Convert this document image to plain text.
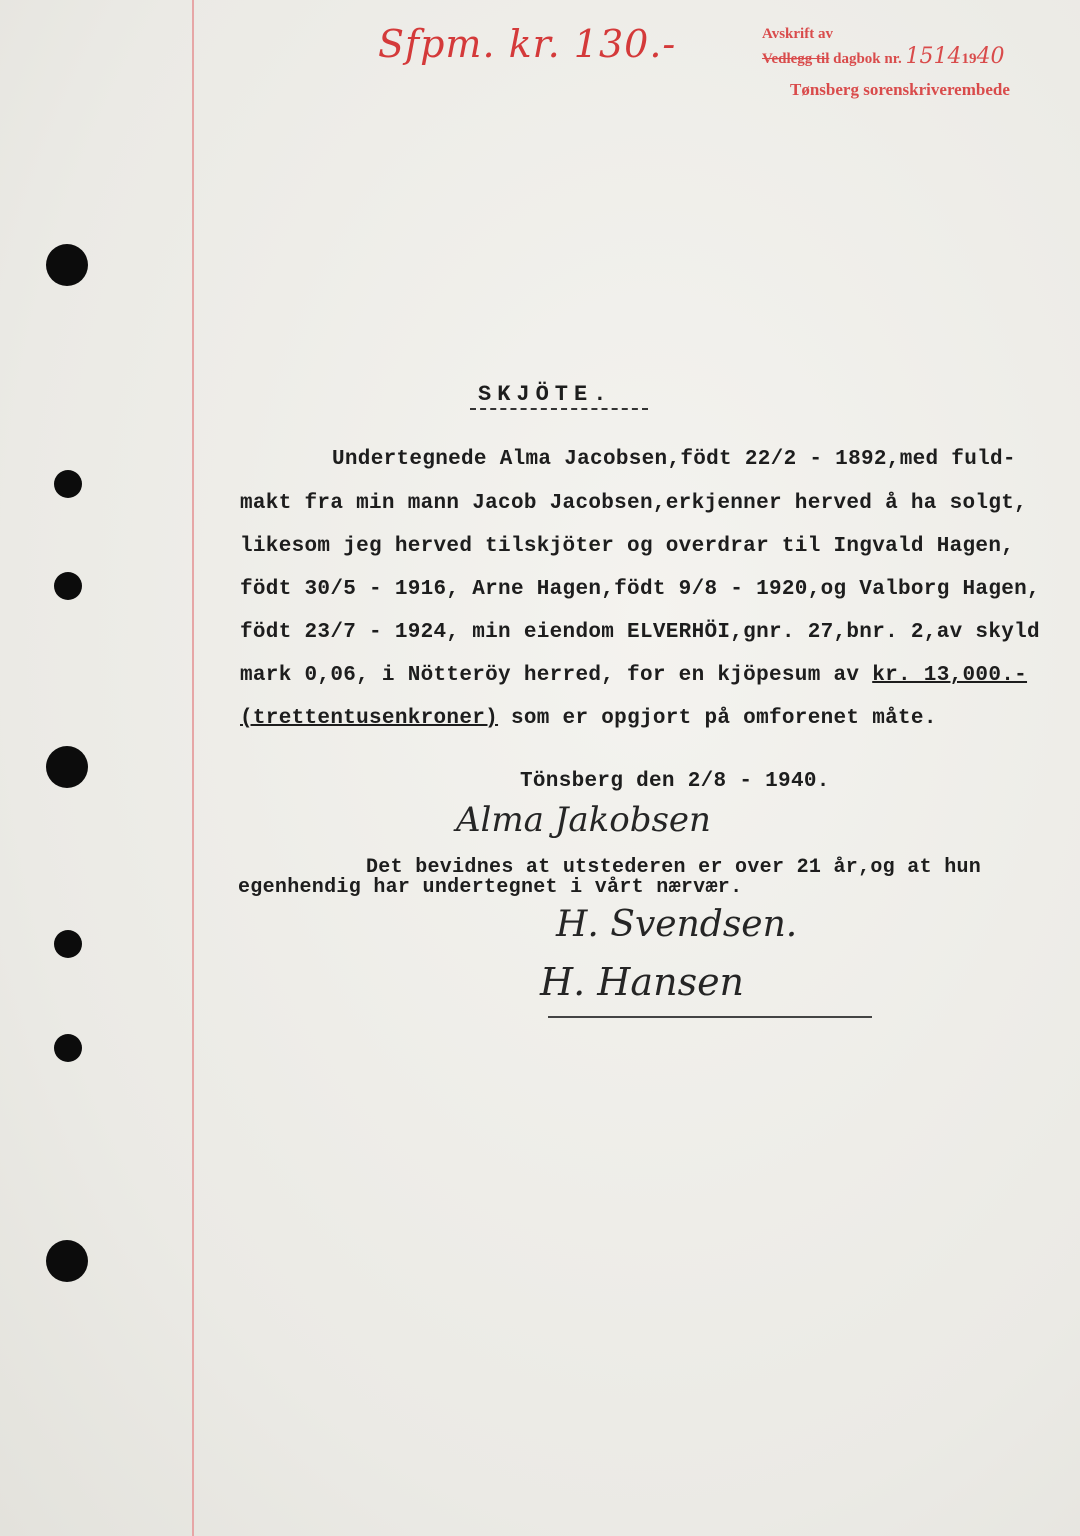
Sfpm. kr. 130.-	Avskrift av
Vedlegg til dagbok nr. 15141940
Tønsberg sorenskriverembede
SKJÖTE.
Undertegnede Alma Jacobsen,födt 22/2 - 1892,med fuld-
makt fra min mann Jacob Jacobsen,erkjenner herved å ha solgt,
likesom jeg herved tilskjöter og overdrar til Ingvald Hagen,
födt 30/5 - 1916, Arne Hagen,födt 9/8 - 1920,og Valborg Hagen,
födt 23/7 - 1924, min eiendom ELVERHÖI,gnr. 27,bnr. 2,av skyld
mark 0,06, i Nötteröy herred, for en kjöpesum av kr. 13,000.-
(trettentusenkroner) som er opgjort på omforenet måte.
Tönsberg den 2/8 - 1940.
Alma Jakobsen
Det bevidnes at utstederen er over 21 år,og at hun
egenhendig har undertegnet i vårt nærvær.
H. Svendsen.
H. Hansen
